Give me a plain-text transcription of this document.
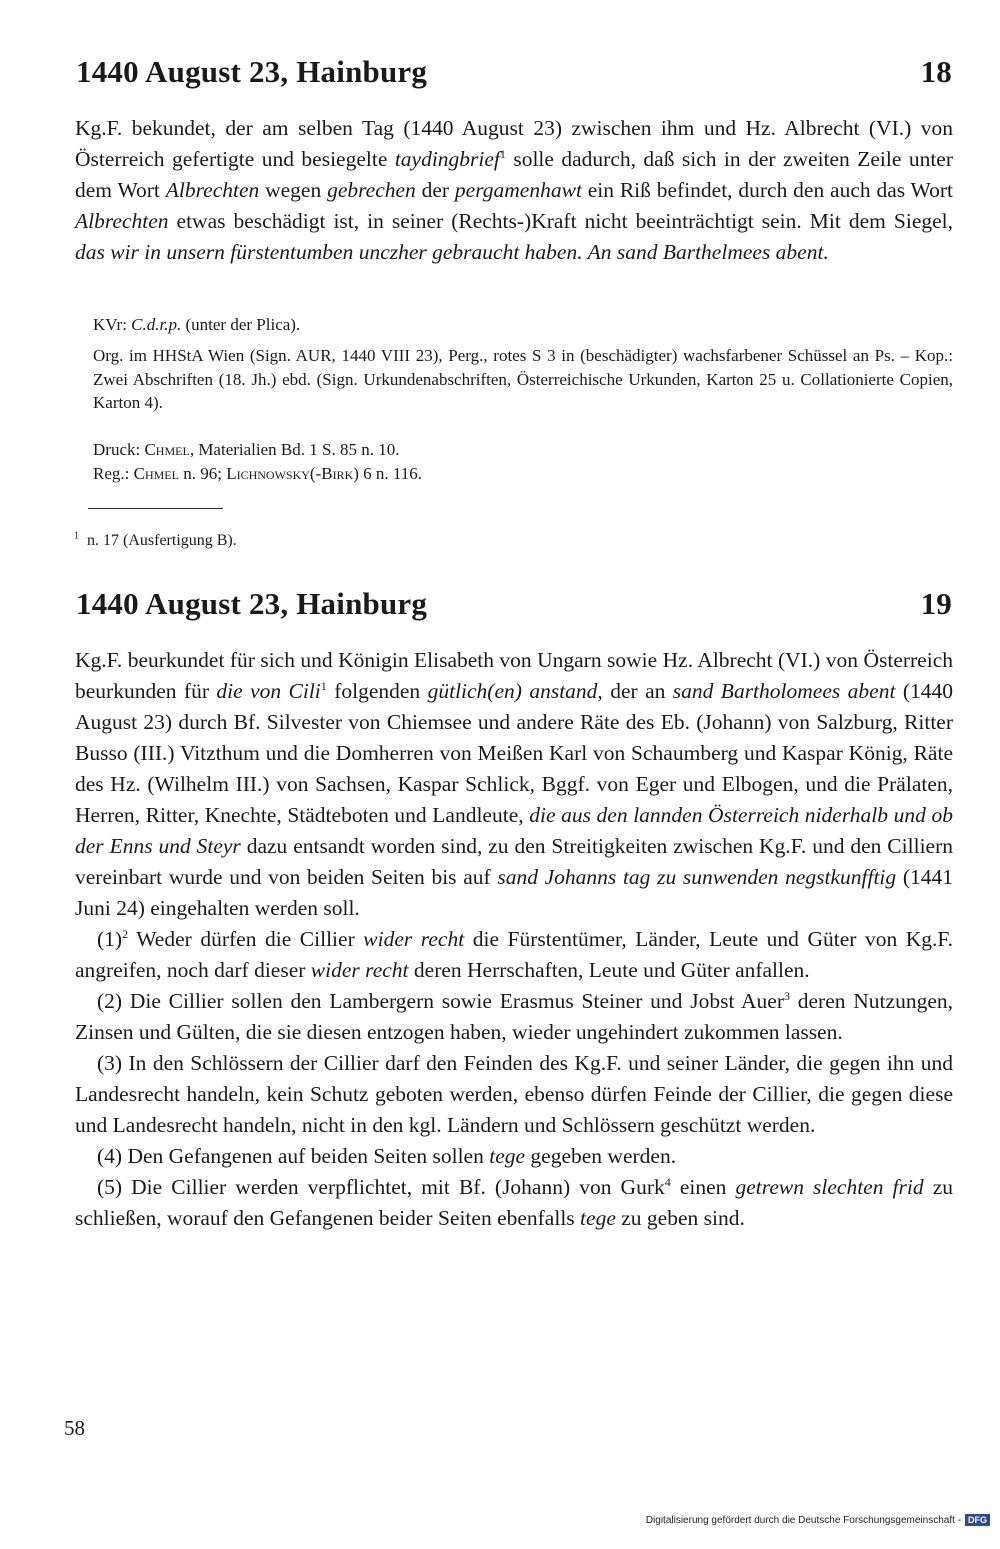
1440 August 23, Hainburg	18

Kg.F. bekundet, der am selben Tag (1440 August 23) zwischen ihm und Hz. Albrecht (VI.) von Österreich gefertigte und besiegelte taydingbrief$^1$ solle dadurch, daß sich in der zweiten Zeile unter dem Wort Albrechten wegen gebrechen der pergamenhawt ein Riß befindet, durch den auch das Wort Albrechten etwas beschädigt ist, in seiner (Rechts-)Kraft nicht beeinträchtigt sein. Mit dem Siegel, das wir in unsern fürstentumben unczher gebraucht haben. An sand Barthelmees abent.

KVr: C.d.r.p. (unter der Plica).

Org. im HHStA Wien (Sign. AUR, 1440 VIII 23), Perg., rotes S 3 in (beschädigter) wachsfarbener Schüssel an Ps. – Kop.: Zwei Abschriften (18. Jh.) ebd. (Sign. Urkundenabschriften, Österreichische Urkunden, Karton 25 u. Collationierte Copien, Karton 4).

Druck: Chmel, Materialien Bd. 1 S. 85 n. 10.

Reg.: Chmel n. 96; Lichnowsky(-Birk) 6 n. 116.

$^1$ n. 17 (Ausfertigung B).
1440 August 23, Hainburg	19

Kg.F. beurkundet für sich und Königin Elisabeth von Ungarn sowie Hz. Albrecht (VI.) von Österreich beurkunden für die von Cili$^1$ folgenden gütlich(en) anstand, der an sand Bartholomees abent (1440 August 23) durch Bf. Silvester von Chiemsee und andere Räte des Eb. (Johann) von Salzburg, Ritter Busso (III.) Vitzthum und die Domherren von Meißen Karl von Schaumberg und Kaspar König, Räte des Hz. (Wilhelm III.) von Sachsen, Kaspar Schlick, Bggf. von Eger und Elbogen, und die Prälaten, Herren, Ritter, Knechte, Städteboten und Landleute, die aus den lannden Österreich niderhalb und ob der Enns und Steyr dazu entsandt worden sind, zu den Streitigkeiten zwischen Kg.F. und den Cilliern vereinbart wurde und von beiden Seiten bis auf sand Johanns tag zu sunwenden negstkunfftig (1441 Juni 24) eingehalten werden soll.

$(1)^2$ Weder dürfen die Cillier wider recht die Fürstentümer, Länder, Leute und Güter von Kg.F. angreifen, noch darf dieser wider recht deren Herrschaften, Leute und Güter anfallen.

(2) Die Cillier sollen den Lambergern sowie Erasmus Steiner und Jobst Auer$^3$ deren Nutzungen, Zinsen und Gülten, die sie diesen entzogen haben, wieder ungehindert zukommen lassen.

(3) In den Schlössern der Cillier darf den Feinden des Kg.F. und seiner Länder, die gegen ihn und Landesrecht handeln, kein Schutz geboten werden, ebenso dürfen Feinde der Cillier, die gegen diese und Landesrecht handeln, nicht in den kgl. Ländern und Schlössern geschützt werden.

(4) Den Gefangenen auf beiden Seiten sollen tege gegeben werden.

(5) Die Cillier werden verpflichtet, mit Bf. (Johann) von Gurk$^4$ einen getrewn slechten frid zu schließen, worauf den Gefangenen beider Seiten ebenfalls tege zu geben sind.

58
Digitalisierung gefördert durch die Deutsche Forschungsgemeinschaft - DFG
